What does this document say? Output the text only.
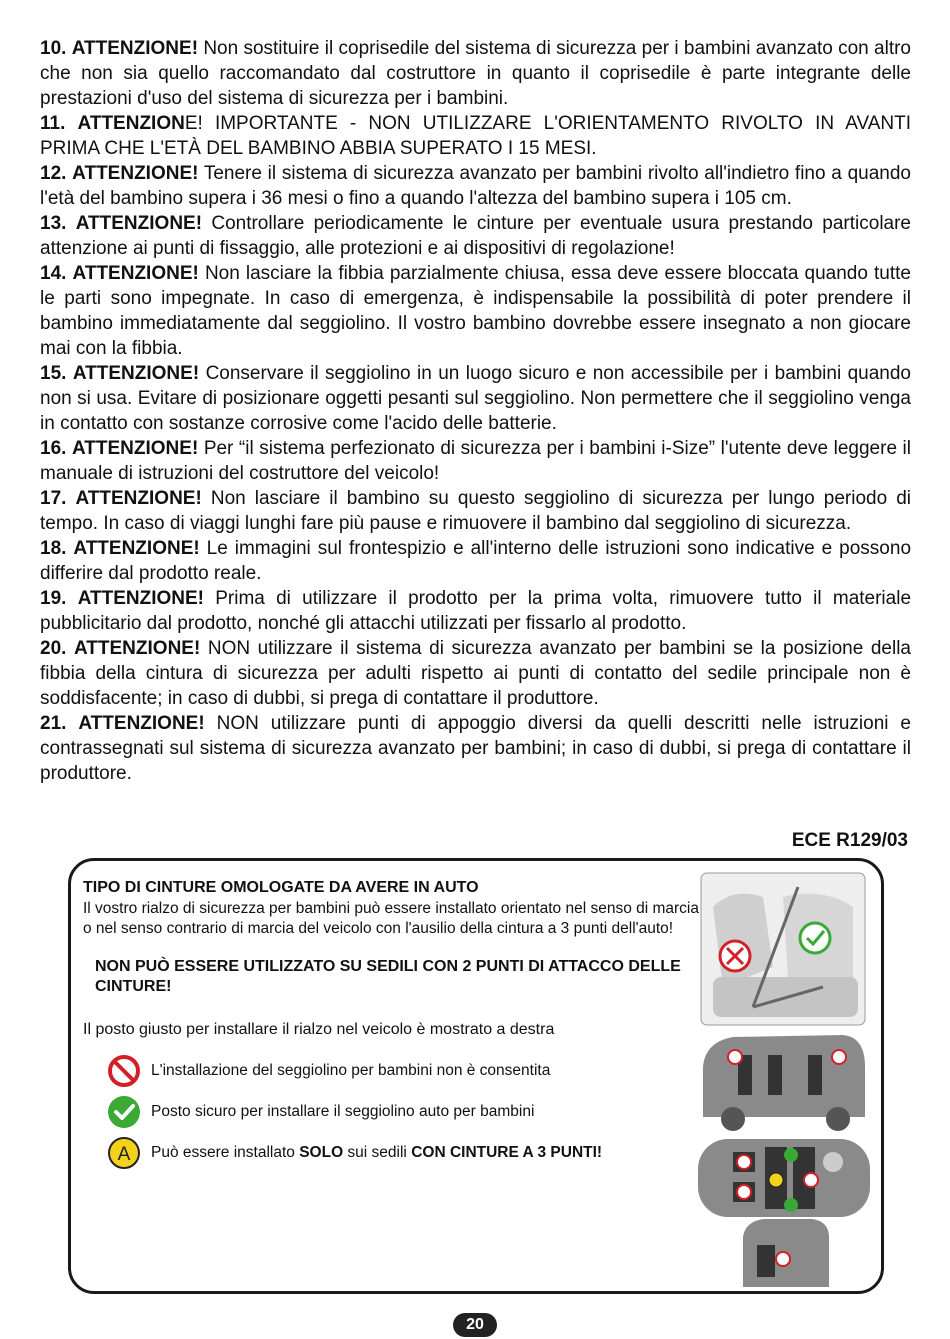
10. ATTENZIONE! Non sostituire il coprisedile del sistema di sicurezza per i bambini avanzato con altro che non sia quello raccomandato dal costruttore in quanto il coprisedile è parte integrante delle prestazioni d'uso del sistema di sicurezza per i bambini.

11. ATTENZIONE! IMPORTANTE - NON UTILIZZARE L'ORIENTAMENTO RIVOLTO IN AVANTI PRIMA CHE L'ETÀ DEL BAMBINO ABBIA SUPERATO I 15 MESI.

12. ATTENZIONE! Tenere il sistema di sicurezza avanzato per bambini rivolto all'indietro fino a quando l'età del bambino supera i 36 mesi o fino a quando l'altezza del bambino supera i 105 cm.

13. ATTENZIONE! Controllare periodicamente le cinture per eventuale usura prestando particolare attenzione ai punti di fissaggio, alle protezioni e ai dispositivi di regolazione!

14. ATTENZIONE! Non lasciare la fibbia parzialmente chiusa, essa deve essere bloccata quando tutte le parti sono impegnate. In caso di emergenza, è indispensabile la possibilità di poter prendere il bambino immediatamente dal seggiolino. Il vostro bambino dovrebbe essere insegnato a non giocare mai con la fibbia.

15. ATTENZIONE! Conservare il seggiolino in un luogo sicuro e non accessibile per i bambini quando non si usa. Evitare di posizionare oggetti pesanti sul seggiolino. Non permettere che il seggiolino venga in contatto con sostanze corrosive come l'acido delle batterie.

16. ATTENZIONE! Per “il sistema perfezionato di sicurezza per i bambini i-Size” l'utente deve leggere il manuale di istruzioni del costruttore del veicolo!

17. ATTENZIONE! Non lasciare il bambino su questo seggiolino di sicurezza per lungo periodo di tempo. In caso di viaggi lunghi fare più pause e rimuovere il bambino dal seggiolino di sicurezza.

18. ATTENZIONE! Le immagini sul frontespizio e all'interno delle istruzioni sono indicative e possono differire dal prodotto reale.

19. ATTENZIONE! Prima di utilizzare il prodotto per la prima volta, rimuovere tutto il materiale pubblicitario dal prodotto, nonché gli attacchi utilizzati per fissarlo al prodotto.

20. ATTENZIONE! NON utilizzare il sistema di sicurezza avanzato per bambini se la posizione della fibbia della cintura di sicurezza per adulti rispetto ai punti di contatto del sedile principale non è soddisfacente; in caso di dubbi, si prega di contattare il produttore.

21. ATTENZIONE! NON utilizzare punti di appoggio diversi da quelli descritti nelle istruzioni e contrassegnati sul sistema di sicurezza avanzato per bambini; in caso di dubbi, si prega di contattare il produttore.

ECE R129/03

TIPO DI CINTURE OMOLOGATE DA AVERE IN AUTO

Il vostro rialzo di sicurezza per bambini può essere installato orientato nel senso di marcia o nel senso contrario di marcia del veicolo con l'ausilio della cintura a 3 punti dell'auto!

NON PUÒ ESSERE UTILIZZATO SU SEDILI CON 2 PUNTI DI ATTACCO DELLE CINTURE!

Il posto giusto per installare il rialzo nel veicolo è mostrato a destra

L'installazione del seggiolino per bambini non è consentita
Posto sicuro per installare il seggiolino auto per bambini
A Può essere installato SOLO sui sedili CON CINTURE A 3 PUNTI!
20
